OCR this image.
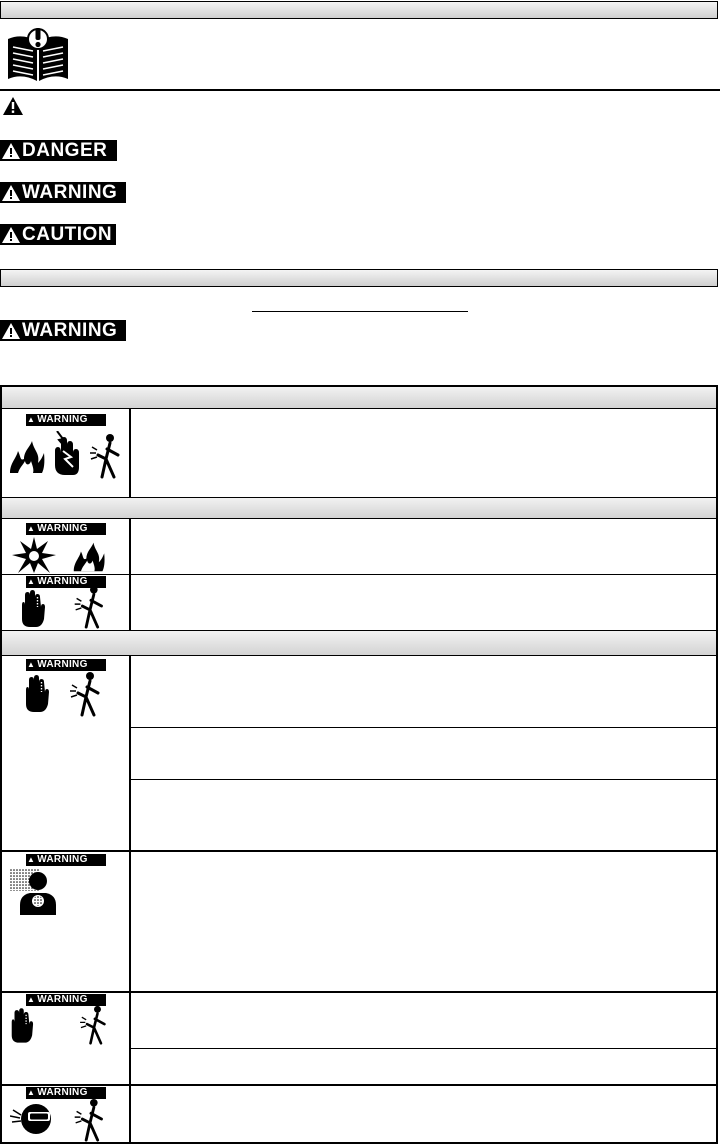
DANGER
WARNING
CAUTION
WARNING
▲ WARNING
▲ WARNING
▲ WARNING
▲ WARNING
▲ WARNING
▲ WARNING
▲ WARNING
